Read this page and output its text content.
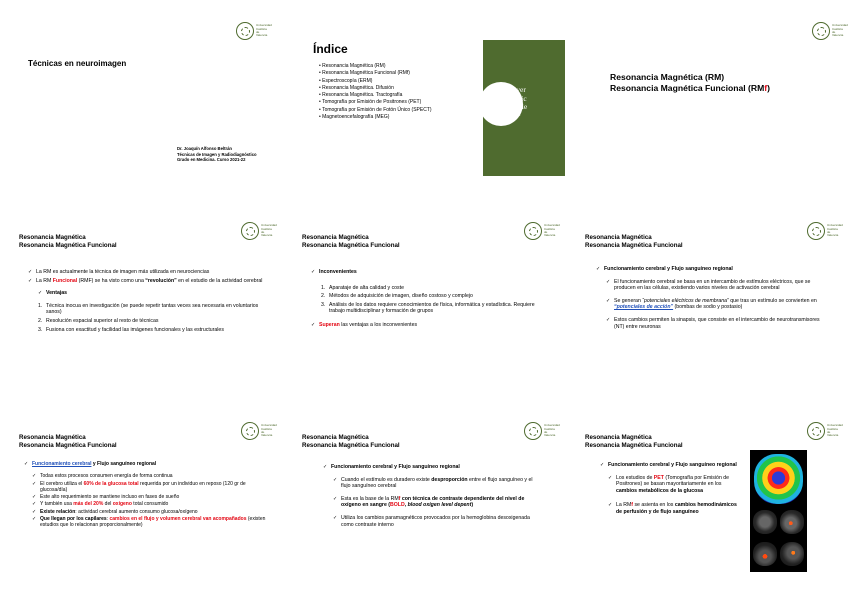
Universidad
Católica de
Valencia
Técnicas en neuroimagen
Dr. Joaquín Alfonso Beltrán
Técnicas de Imagen y Radiodiagnóstico
Grado en Medicina. Curso 2021-22
Índice
• Resonancia Magnética (RM)
• Resonancia Magnética Funcional (RMf)
• Espectroscopía (ERM)
• Resonancia Magnética. Difusión
• Resonancia Magnética. Tractografía
• Tomografía por Emisión de Positrones (PET)
• Tomografía por Emisión de Fotón Único (SPECT)
• Magnetoencefalografía (MEG)
Univer
Católic
de Vale
San Vic
Universidad
Católica de
Valencia
Resonancia Magnética (RM)
Resonancia Magnética Funcional (RMf)
Universidad
Católica de
Valencia
Resonancia Magnética
Resonancia Magnética Funcional
✓ La RM es actualmente la técnica de imagen más utilizada en neurociencias
✓ La RM Funcional (RMF) se ha visto como una “revolución” en el estudio de la actividad cerebral
✓ Ventajas
1. Técnica inocua en investigación (se puede repetir tantas veces sea necesaria en voluntarios sanos)
2. Resolución espacial superior al resto de técnicas
3. Fusiona con exactitud y facilidad las imágenes funcionales y las estructurales
Universidad
Católica de
Valencia
Resonancia Magnética
Resonancia Magnética Funcional
✓ Inconvenientes
1. Aparataje de alta calidad y coste
2. Métodos de adquisición de imagen, diseño costoso y complejo
3. Análisis de los datos requiere conocimientos de física, informática y estadística. Requiere trabajo multidisciplinar y formación de grupos
✓ Superan las ventajas a los inconvenientes
Universidad
Católica de
Valencia
Resonancia Magnética
Resonancia Magnética Funcional
✓ Funcionamiento cerebral y Flujo sanguíneo regional
✓ El funcionamiento cerebral se basa en un intercambio de estímulos eléctricos, que se producen en las células, existiendo varios niveles de activación cerebral
✓ Se generan “potenciales eléctricos de membrana” que tras un estímulo se convierten en “potenciales de acción” (bombas de sodio y postasio)
✓ Estos cambios permiten la sinapsis, que consiste en el intercambio de neurotransmisores (NT) entre neuronas
Universidad
Católica de
Valencia
Resonancia Magnética
Resonancia Magnética Funcional
✓ Funcionamiento cerebral y Flujo sanguíneo regional
✓ Todas estos procesos consumen energía de forma continua
✓ El cerebro utiliza el 60% de la glucosa total requerida por un individuo en reposo (120 gr de glucosa/día)
✓ Este alto requerimiento se mantiene incluso en fases de sueño
✓ Y también usa más del 20% del oxígeno total consumido
✓ Existe relación: actividad cerebral aumento consumo glucosa/oxígeno
✓ Que llegan por los capilares: cambios en el flujo y volumen cerebral van acompañados (existen estudios que lo relacionan proporcionalmente)
Universidad
Católica de
Valencia
Resonancia Magnética
Resonancia Magnética Funcional
✓ Funcionamiento cerebral y Flujo sanguíneo regional
✓ Cuando el estímulo es duradero existe desproporción entre el flujo sanguíneo y el flujo sanguíneo cerebral
✓ Esta es la base de la RMf con técnica de contraste dependiente del nivel de oxígeno en sangre (BOLD, blood oxigen level depent)
✓ Utiliza los cambios paramagnéticos provocados por la hemoglobina desoxigenada como contraste interno
Universidad
Católica de
Valencia
Resonancia Magnética
Resonancia Magnética Funcional
✓ Funcionamiento cerebral y Flujo sanguíneo regional
✓ Los estudios de PET (Tomografía por Emisión de Positrones) se basan mayoritariamente en los cambios metabólicos de la glucosa
✓ La RMf se asienta en los cambios hemodinámicos de perfusión y de flujo sanguíneo
